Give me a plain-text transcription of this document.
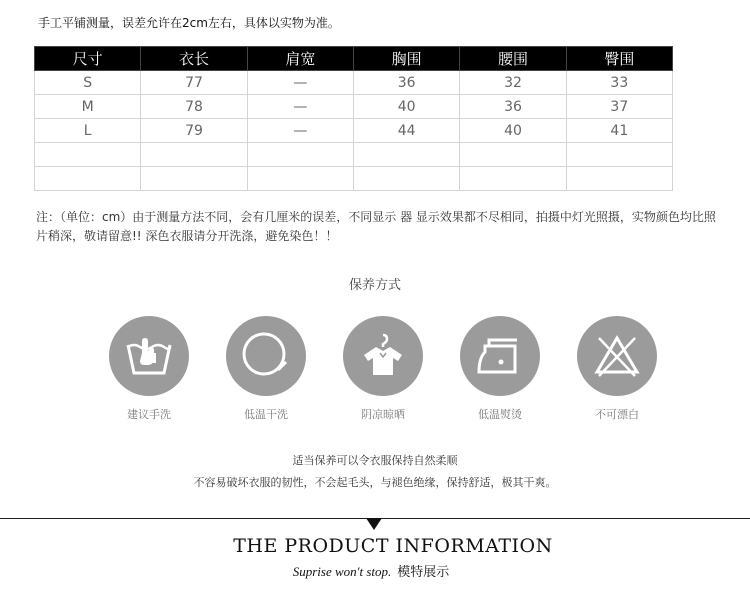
手工平铺测量，误差允许在2cm左右，具体以实物为准。
尺寸	衣长	肩宽	胸围	腰围	臀围
S	77	—	36	32	33
M	78	—	40	36	37
L	79	—	44	40	41

注：（单位：cm）由于测量方法不同，会有几厘米的误差，不同显示 器 显示效果都不尽相同，拍摄中灯光照摄，实物颜色均比照片稍深，敬请留意!! 深色衣服请分开洗涤，避免染色！！
保养方式
建议手洗	低温干洗	阴凉晾晒	低温熨烫	不可漂白
适当保养可以令衣服保持自然柔顺
不容易破坏衣服的韧性，不会起毛头，与褪色绝缘，保持舒适，极其干爽。
THE PRODUCT INFORMATION
Suprise won't stop. 模特展示
